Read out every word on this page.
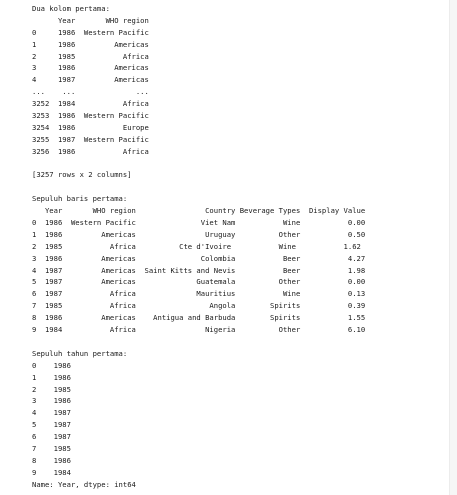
Dua kolom pertama:
Year       WHO region
0     1986  Western Pacific
1     1986         Americas
2     1985           Africa
3     1986         Americas
4     1987         Americas
...    ...              ...
3252  1984           Africa
3253  1986  Western Pacific
3254  1986           Europe
3255  1987  Western Pacific
3256  1986           Africa
[3257 rows x 2 columns]
Sepuluh baris pertama:
Year       WHO region                Country Beverage Types  Display Value
0  1986  Western Pacific               Viet Nam           Wine           0.00
1  1986         Americas                Uruguay          Other           0.50
2  1985           Africa          Cte d'Ivoire           Wine           1.62
3  1986         Americas               Colombia           Beer           4.27
4  1987         Americas  Saint Kitts and Nevis           Beer           1.98
5  1987         Americas              Guatemala          Other           0.00
6  1987           Africa              Mauritius           Wine           0.13
7  1985           Africa                 Angola        Spirits           0.39
8  1986         Americas    Antigua and Barbuda        Spirits           1.55
9  1984           Africa                Nigeria          Other           6.10
Sepuluh tahun pertama:
0    1986
1    1986
2    1985
3    1986
4    1987
5    1987
6    1987
7    1985
8    1986
9    1984
Name: Year, dtype: int64
